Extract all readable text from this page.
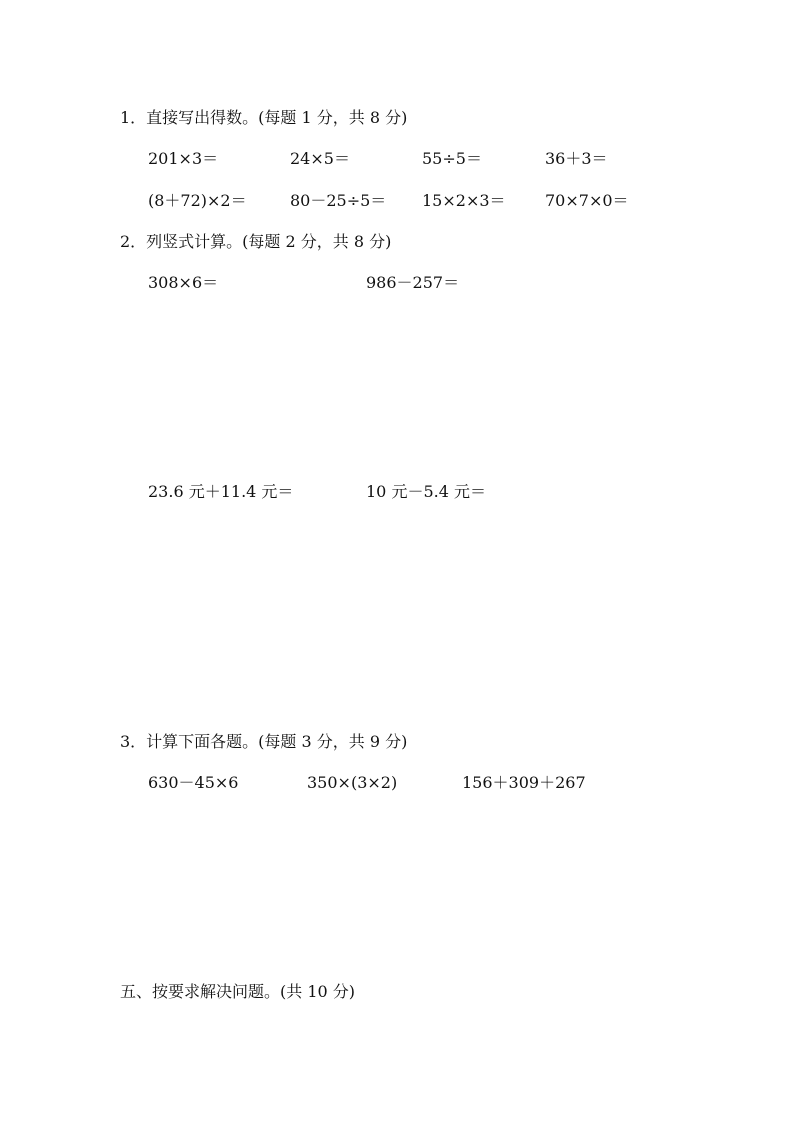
1．直接写出得数。(每题 1 分，共 8 分)
201×3＝	24×5＝	55÷5＝	36＋3＝
(8＋72)×2＝	80－25÷5＝ 15×2×3＝ 70×7×0＝
2．列竖式计算。(每题 2 分，共 8 分)
308×6＝	986－257＝
23.6 元＋11.4 元＝	10 元－5.4 元＝
3．计算下面各题。(每题 3 分，共 9 分)
630－45×6	350×(3×2)	156＋309＋267
五、按要求解决问题。(共 10 分)
